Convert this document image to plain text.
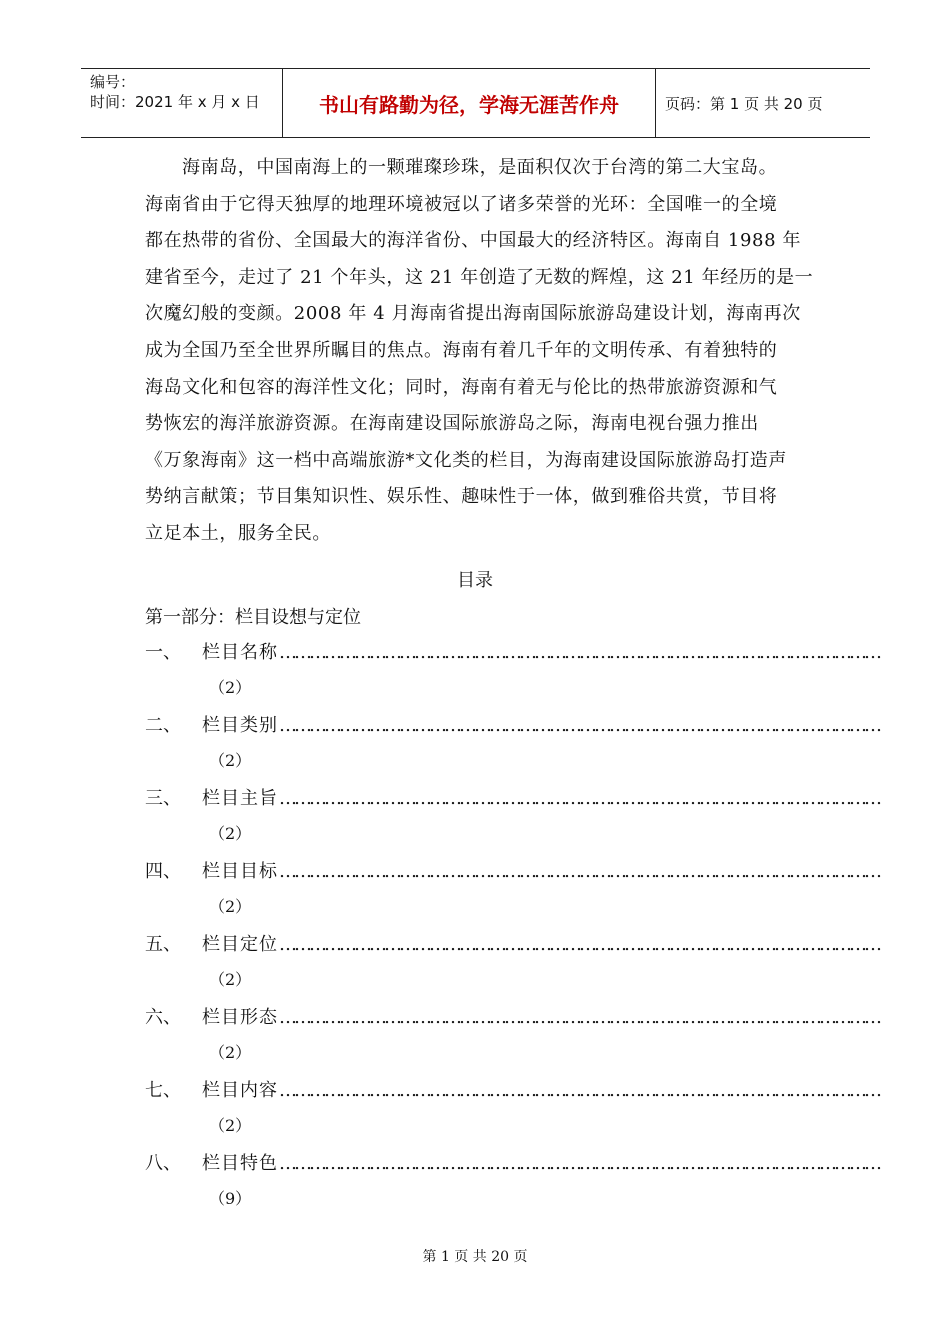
编号：
时间：2021 年 x 月 x 日	书山有路勤为径，学海无涯苦作舟	页码：第 1 页 共 20 页
海南岛，中国南海上的一颗璀璨珍珠，是面积仅次于台湾的第二大宝岛。
海南省由于它得天独厚的地理环境被冠以了诸多荣誉的光环：全国唯一的全境
都在热带的省份、全国最大的海洋省份、中国最大的经济特区。海南自 1988 年
建省至今，走过了 21 个年头，这 21 年创造了无数的辉煌，这 21 年经历的是一
次魔幻般的变颜。2008 年 4 月海南省提出海南国际旅游岛建设计划，海南再次
成为全国乃至全世界所瞩目的焦点。海南有着几千年的文明传承、有着独特的
海岛文化和包容的海洋性文化；同时，海南有着无与伦比的热带旅游资源和气
势恢宏的海洋旅游资源。在海南建设国际旅游岛之际，海南电视台强力推出
《万象海南》这一档中高端旅游*文化类的栏目，为海南建设国际旅游岛打造声
势纳言献策；节目集知识性、娱乐性、趣味性于一体，做到雅俗共赏，节目将
立足本土，服务全民。
目录
第一部分：栏目设想与定位
一、 栏目名称 …………………………………………………………………………………………………………
（2）
二、 栏目类别 …………………………………………………………………………………………………………
（2）
三、 栏目主旨 …………………………………………………………………………………………………………
（2）
四、 栏目目标 …………………………………………………………………………………………………………
（2）
五、 栏目定位 …………………………………………………………………………………………………………
（2）
六、 栏目形态 …………………………………………………………………………………………………………
（2）
七、 栏目内容 …………………………………………………………………………………………………………
（2）
八、 栏目特色 …………………………………………………………………………………………………………
（9）
第 1 页 共 20 页
